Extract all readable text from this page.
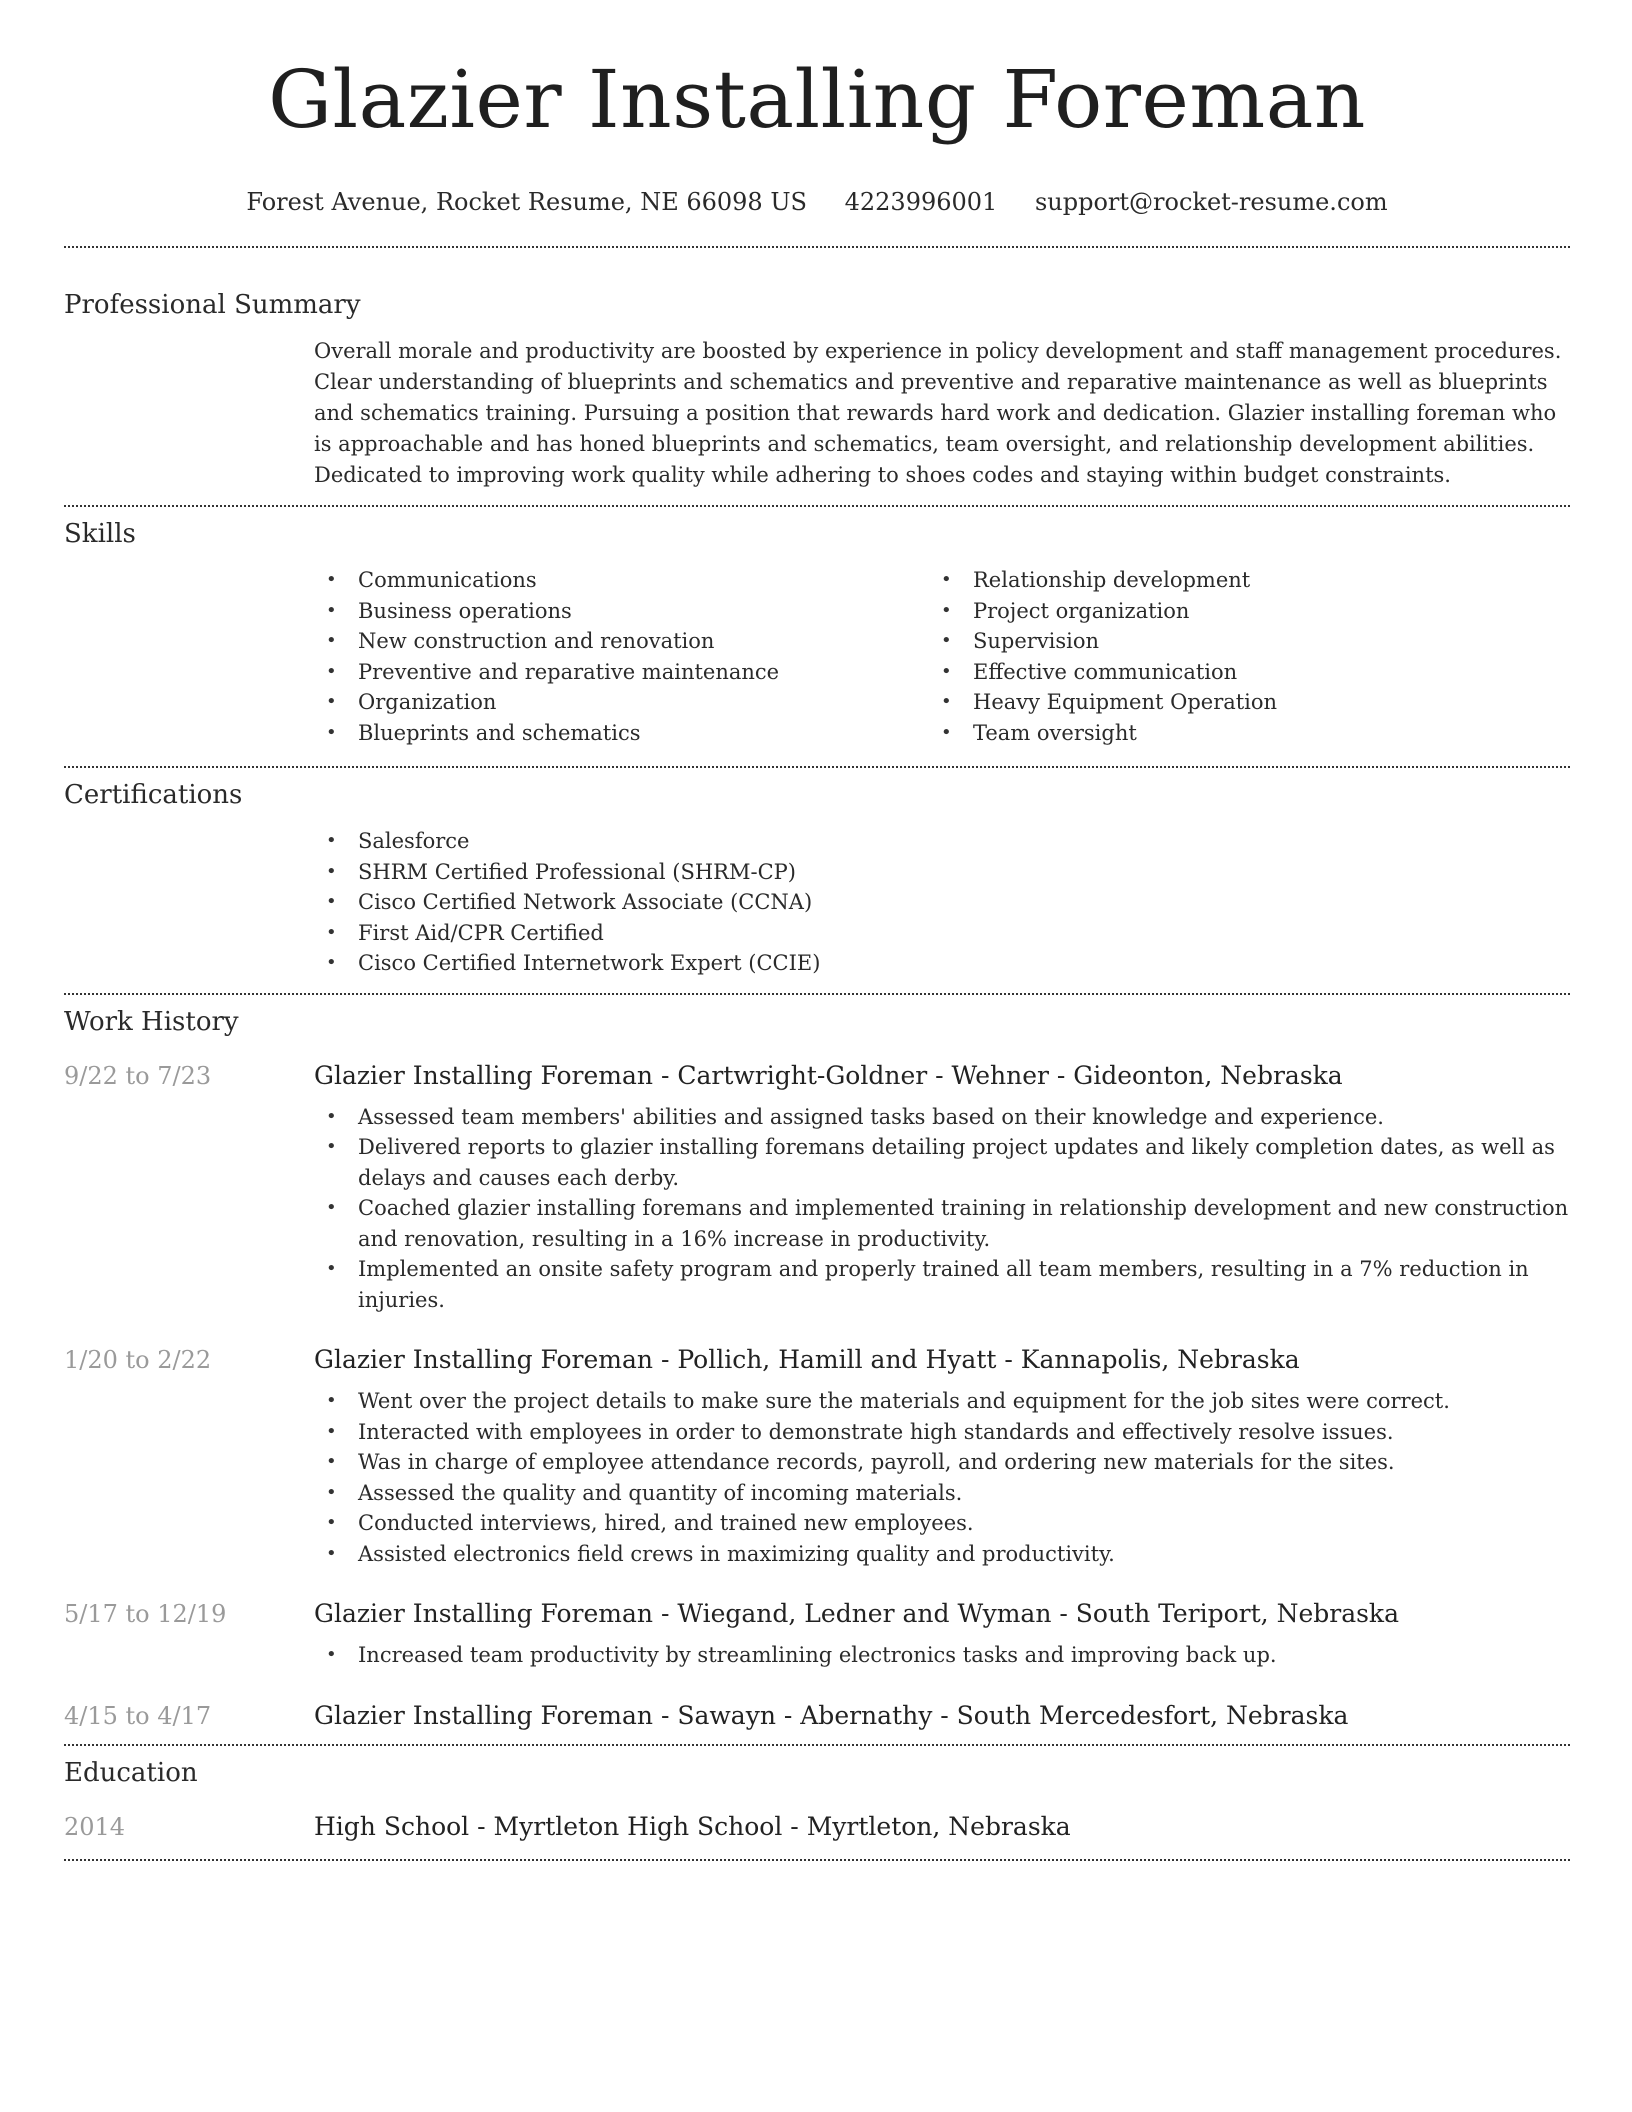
Glazier Installing Foreman
Forest Avenue, Rocket Resume, NE 66098 US 4223996001 support@rocket-resume.com
Professional Summary

Overall morale and productivity are boosted by experience in policy development and staff management procedures. Clear understanding of blueprints and schematics and preventive and reparative maintenance as well as blueprints and schematics training. Pursuing a position that rewards hard work and dedication. Glazier installing foreman who is approachable and has honed blueprints and schematics, team oversight, and relationship development abilities. Dedicated to improving work quality while adhering to shoes codes and staying within budget constraints.

Skills
• Communications
• Business operations
• New construction and renovation
• Preventive and reparative maintenance
• Organization
• Blueprints and schematics
• Relationship development
• Project organization
• Supervision
• Effective communication
• Heavy Equipment Operation
• Team oversight
Certifications
• Salesforce
• SHRM Certified Professional (SHRM-CP)
• Cisco Certified Network Associate (CCNA)
• First Aid/CPR Certified
• Cisco Certified Internetwork Expert (CCIE)
Work History
9/22 to 7/23	Glazier Installing Foreman - Cartwright-Goldner - Wehner - Gideonton, Nebraska
• Assessed team members' abilities and assigned tasks based on their knowledge and experience.
• Delivered reports to glazier installing foremans detailing project updates and likely completion dates, as well as delays and causes each derby.
• Coached glazier installing foremans and implemented training in relationship development and new construction and renovation, resulting in a 16% increase in productivity.
• Implemented an onsite safety program and properly trained all team members, resulting in a 7% reduction in injuries.
1/20 to 2/22	Glazier Installing Foreman - Pollich, Hamill and Hyatt - Kannapolis, Nebraska
• Went over the project details to make sure the materials and equipment for the job sites were correct.
• Interacted with employees in order to demonstrate high standards and effectively resolve issues.
• Was in charge of employee attendance records, payroll, and ordering new materials for the sites.
• Assessed the quality and quantity of incoming materials.
• Conducted interviews, hired, and trained new employees.
• Assisted electronics field crews in maximizing quality and productivity.
5/17 to 12/19	Glazier Installing Foreman - Wiegand, Ledner and Wyman - South Teriport, Nebraska
• Increased team productivity by streamlining electronics tasks and improving back up.
4/15 to 4/17	Glazier Installing Foreman - Sawayn - Abernathy - South Mercedesfort, Nebraska
Education
2014	High School - Myrtleton High School - Myrtleton, Nebraska
